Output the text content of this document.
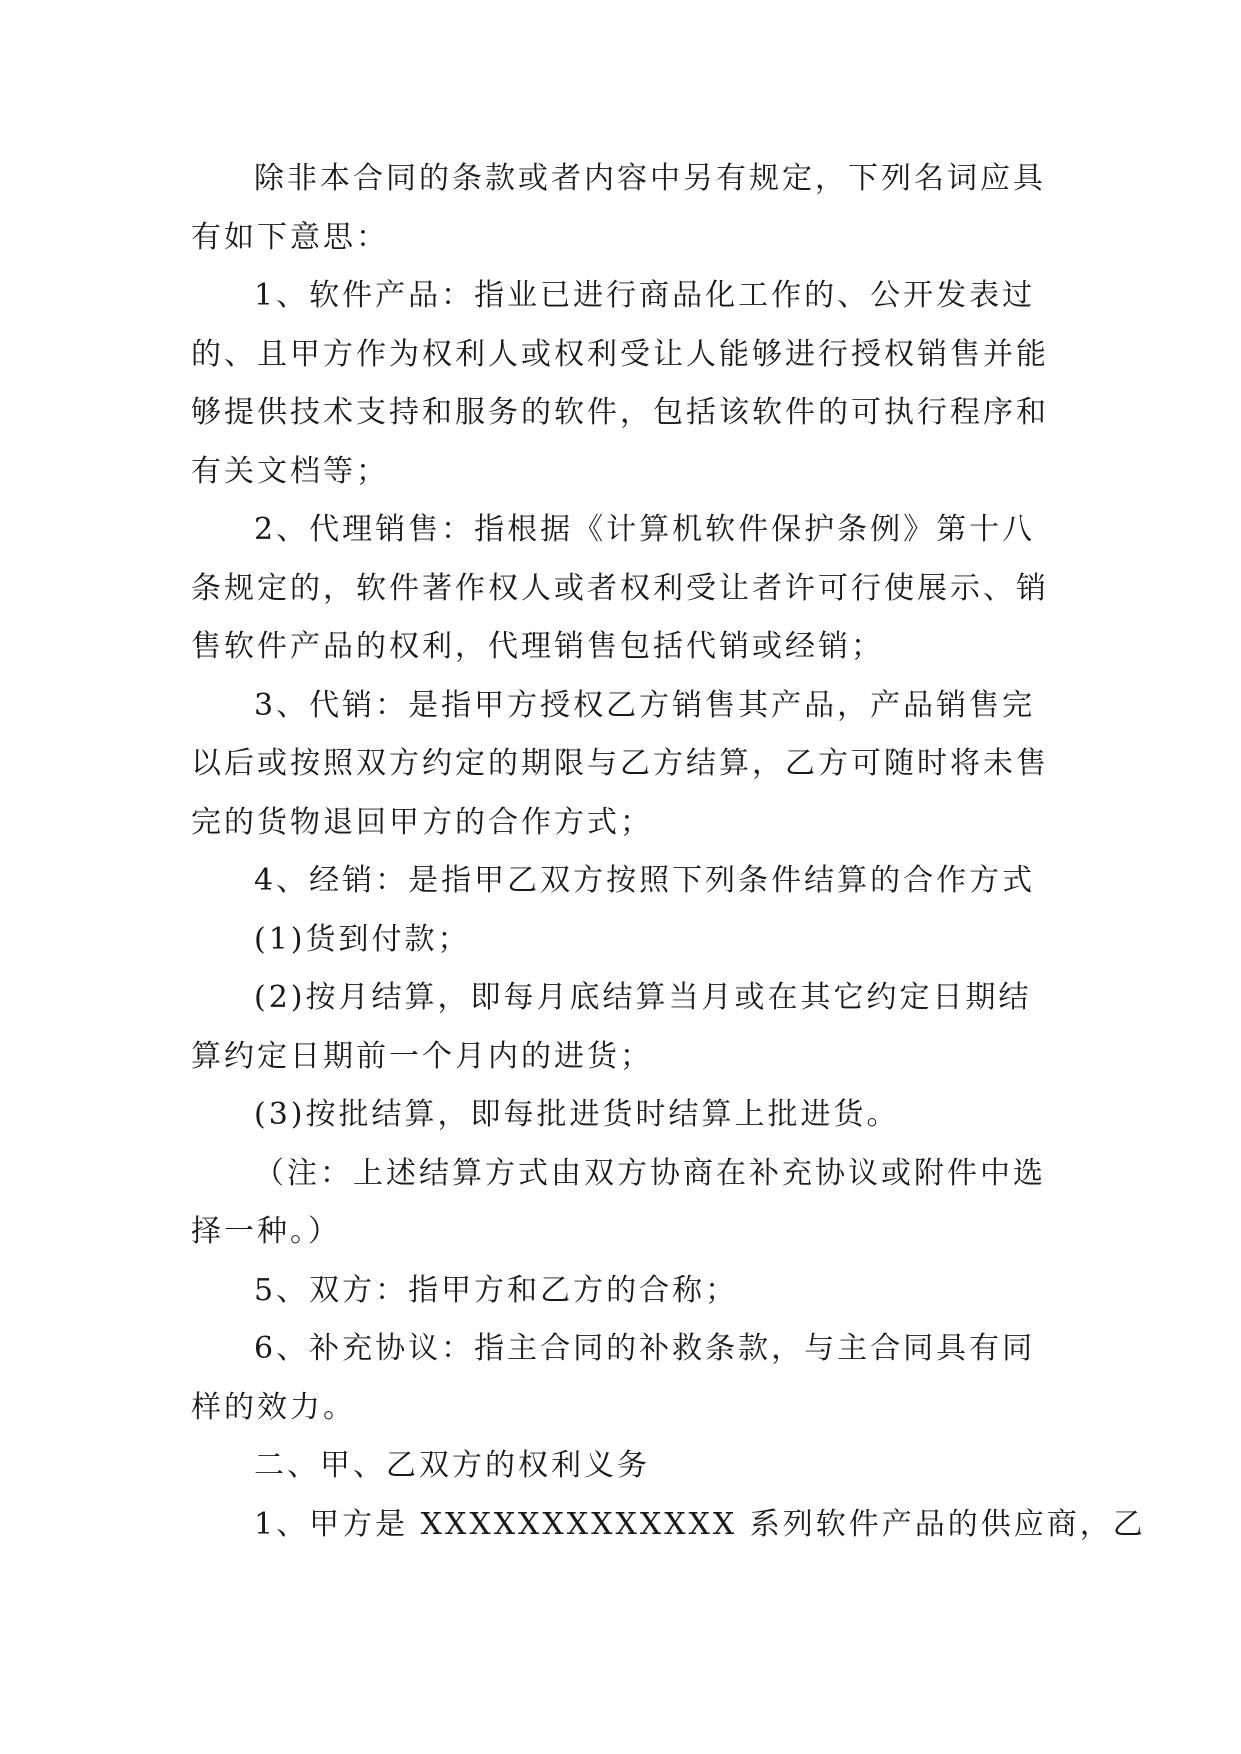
除非本合同的条款或者内容中另有规定，下列名词应具
有如下意思：
1、软件产品：指业已进行商品化工作的、公开发表过
的、且甲方作为权利人或权利受让人能够进行授权销售并能
够提供技术支持和服务的软件，包括该软件的可执行程序和
有关文档等；
2、代理销售：指根据《计算机软件保护条例》第十八
条规定的，软件著作权人或者权利受让者许可行使展示、销
售软件产品的权利，代理销售包括代销或经销；
3、代销：是指甲方授权乙方销售其产品，产品销售完
以后或按照双方约定的期限与乙方结算，乙方可随时将未售
完的货物退回甲方的合作方式；
4、经销：是指甲乙双方按照下列条件结算的合作方式
(1)货到付款；
(2)按月结算，即每月底结算当月或在其它约定日期结
算约定日期前一个月内的进货；
(3)按批结算，即每批进货时结算上批进货。
（注：上述结算方式由双方协商在补充协议或附件中选
择一种。）
5、双方：指甲方和乙方的合称；
6、补充协议：指主合同的补救条款，与主合同具有同
样的效力。
二、甲、乙双方的权利义务
1、甲方是 XXXXXXXXXXXXX 系列软件产品的供应商，乙
